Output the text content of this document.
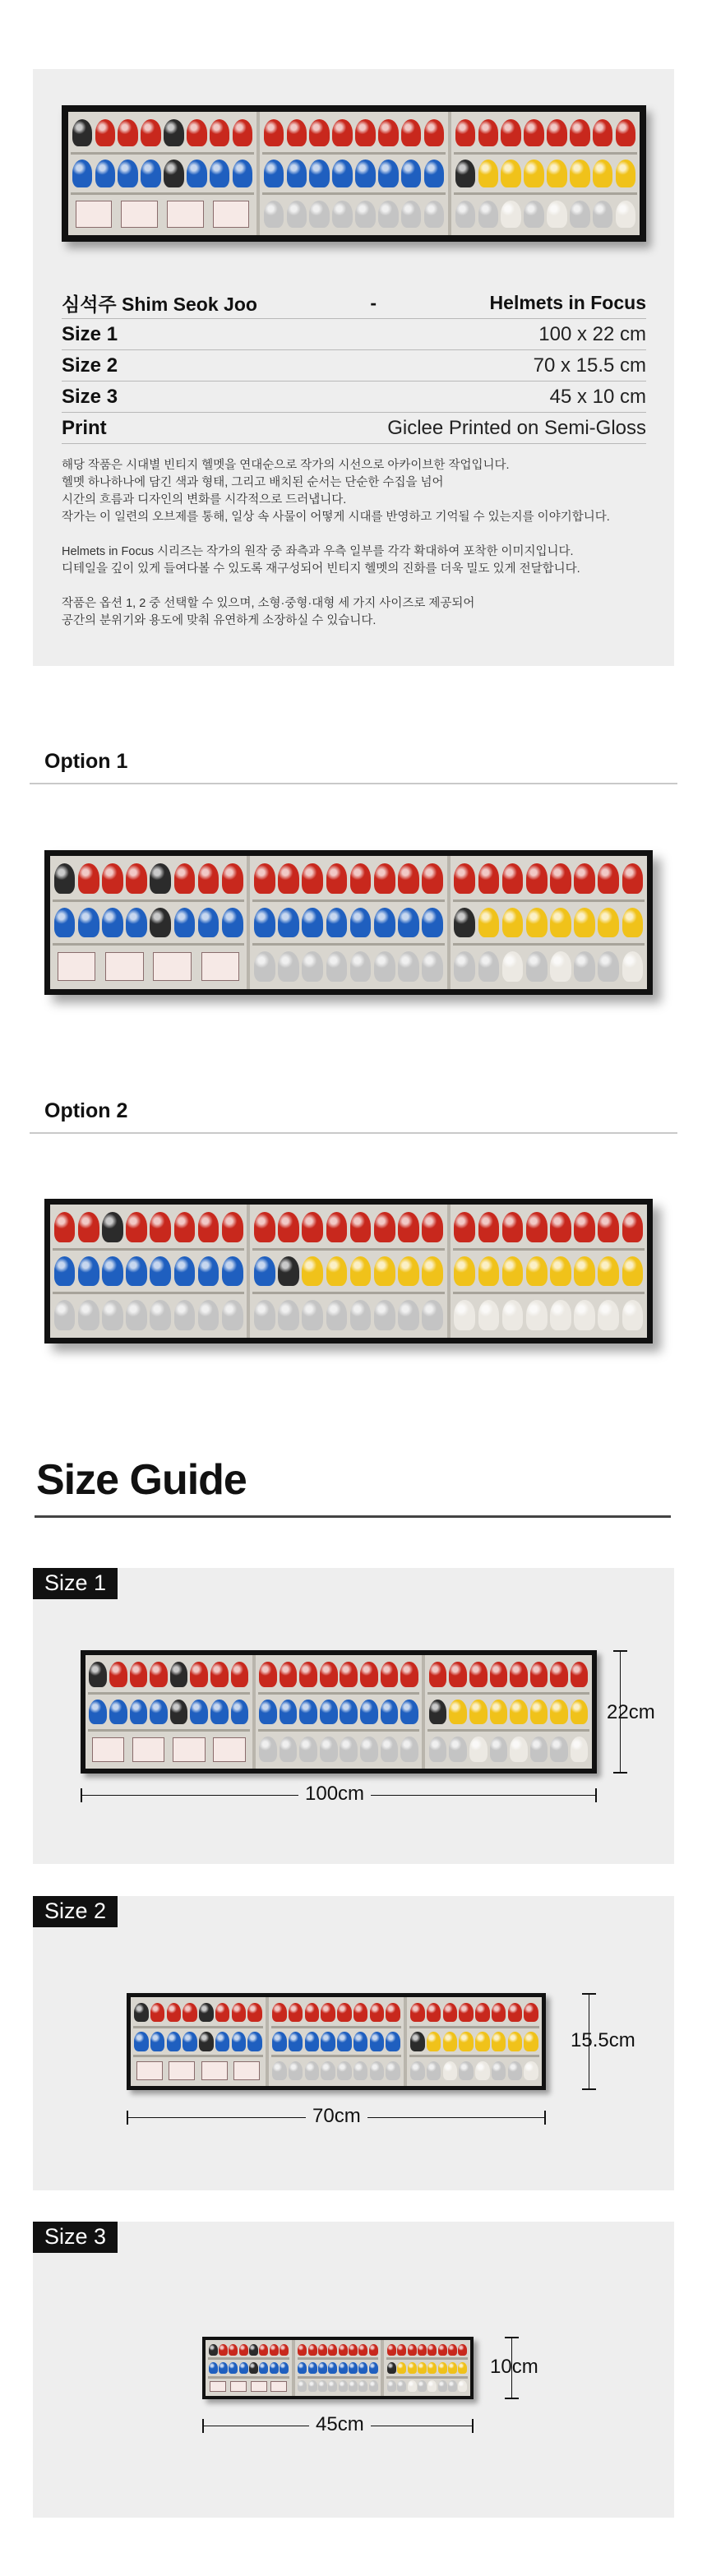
심석주 Shim Seok Joo	-	Helmets in Focus
Size 1	100 x 22 cm
Size 2	70 x 15.5 cm
Size 3	45 x 10 cm
Print	Giclee Printed on Semi-Gloss

해당 작품은 시대별 빈티지 헬멧을 연대순으로 작가의 시선으로 아카이브한 작업입니다.
헬멧 하나하나에 담긴 색과 형태, 그리고 배치된 순서는 단순한 수집을 넘어
시간의 흐름과 디자인의 변화를 시각적으로 드러냅니다.
작가는 이 일련의 오브제를 통해, 일상 속 사물이 어떻게 시대를 반영하고 기억될 수 있는지를 이야기합니다.

Helmets in Focus 시리즈는 작가의 원작 중 좌측과 우측 일부를 각각 확대하여 포착한 이미지입니다.
디테일을 깊이 있게 들여다볼 수 있도록 재구성되어 빈티지 헬멧의 진화를 더욱 밀도 있게 전달합니다.

작품은 옵션 1, 2 중 선택할 수 있으며, 소형·중형·대형 세 가지 사이즈로 제공되어
공간의 분위기와 용도에 맞춰 유연하게 소장하실 수 있습니다.

Option 1
Option 2
Size Guide
Size 1
22cm
100cm
Size 2
15.5cm
70cm
Size 3
10cm
45cm
